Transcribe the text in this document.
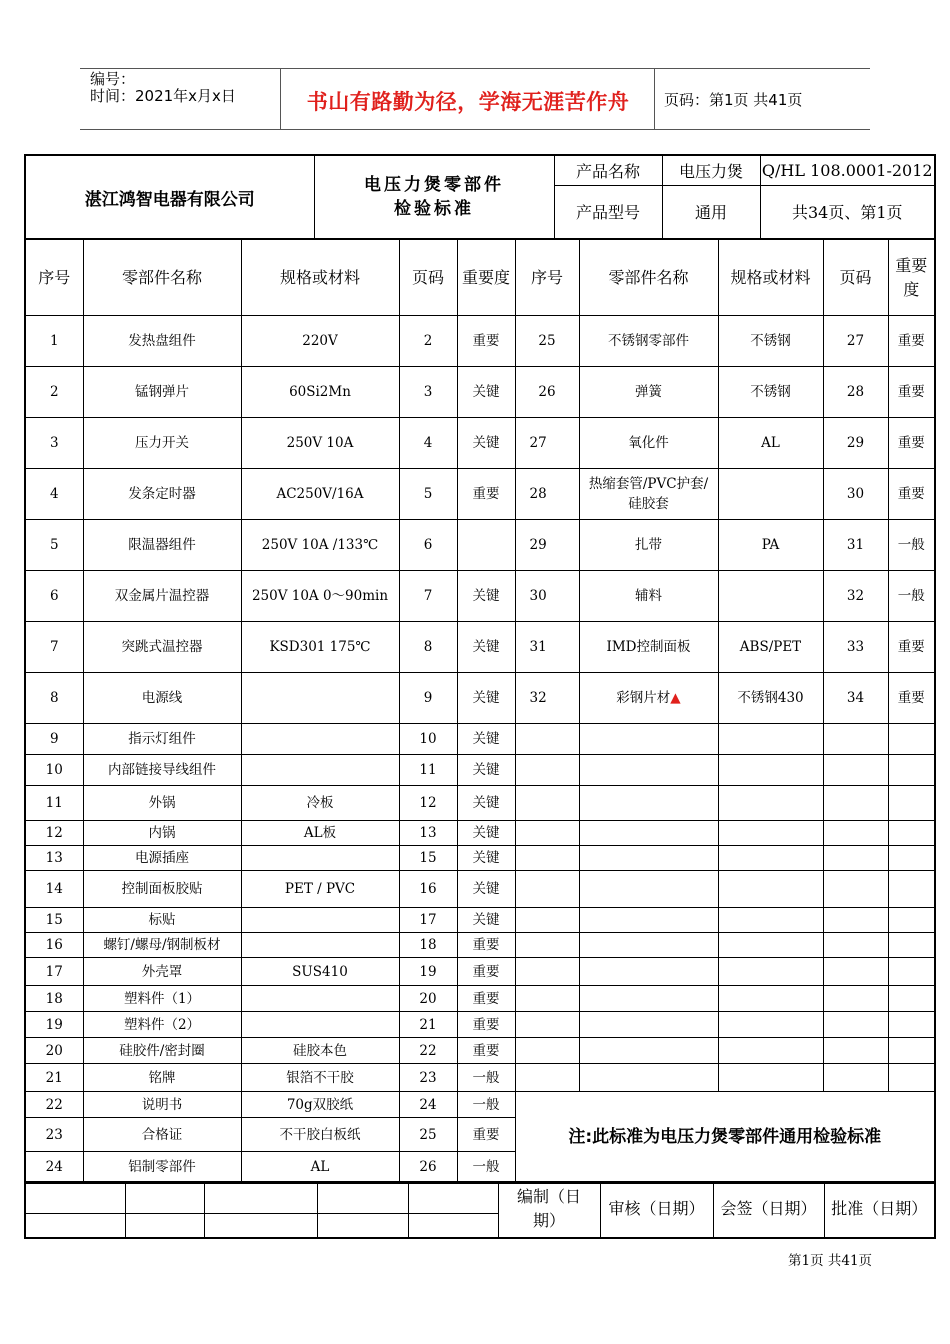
编号：
时间：2021年x月x日	书山有路勤为径，学海无涯苦作舟	页码：第1页 共41页
湛江鸿智电器有限公司	电压力煲零部件
检验标准	产品名称	电压力煲	Q/HL 108.0001-2012
		产品型号	通用	共34页、第1页
序号	零部件名称	规格或材料	页码	重要度	序号	零部件名称	规格或材料	页码	重要度
1	发热盘组件	220V	2	重要	25	不锈钢零部件	不锈钢	27	重要
2	锰钢弹片	60Si2Mn	3	关键	26	弹簧	不锈钢	28	重要
3	压力开关	250V 10A	4	关键	27	氧化件	AL	29	重要
4	发条定时器	AC250V/16A	5	重要	28	热缩套管/PVC护套/硅胶套		30	重要
5	限温器组件	250V 10A /133℃	6		29	扎带	PA	31	一般
6	双金属片温控器	250V 10A 0～90min	7	关键	30	辅料		32	一般
7	突跳式温控器	KSD301 175℃	8	关键	31	IMD控制面板	ABS/PET	33	重要
8	电源线		9	关键	32	彩钢片材▲	不锈钢430	34	重要
9	指示灯组件		10	关键					
10	内部链接导线组件		11	关键					
11	外锅	冷板	12	关键					
12	内锅	AL板	13	关键					
13	电源插座		15	关键					
14	控制面板胶贴	PET / PVC	16	关键					
15	标贴		17	关键					
16	螺钉/螺母/钢制板材		18	重要					
17	外壳罩	SUS410	19	重要					
18	塑料件（1）		20	重要					
19	塑料件（2）		21	重要					
20	硅胶件/密封圈	硅胶本色	22	重要					
21	铭牌	银箔不干胶	23	一般					
22	说明书	70g双胶纸	24	一般	注:此标准为电压力煲零部件通用检验标准				
23	合格证	不干胶白板纸	25	重要					
24	铝制零部件	AL	26	一般					
					编制（日期）	审核（日期）	会签（日期）	批准（日期）

第1页 共41页
